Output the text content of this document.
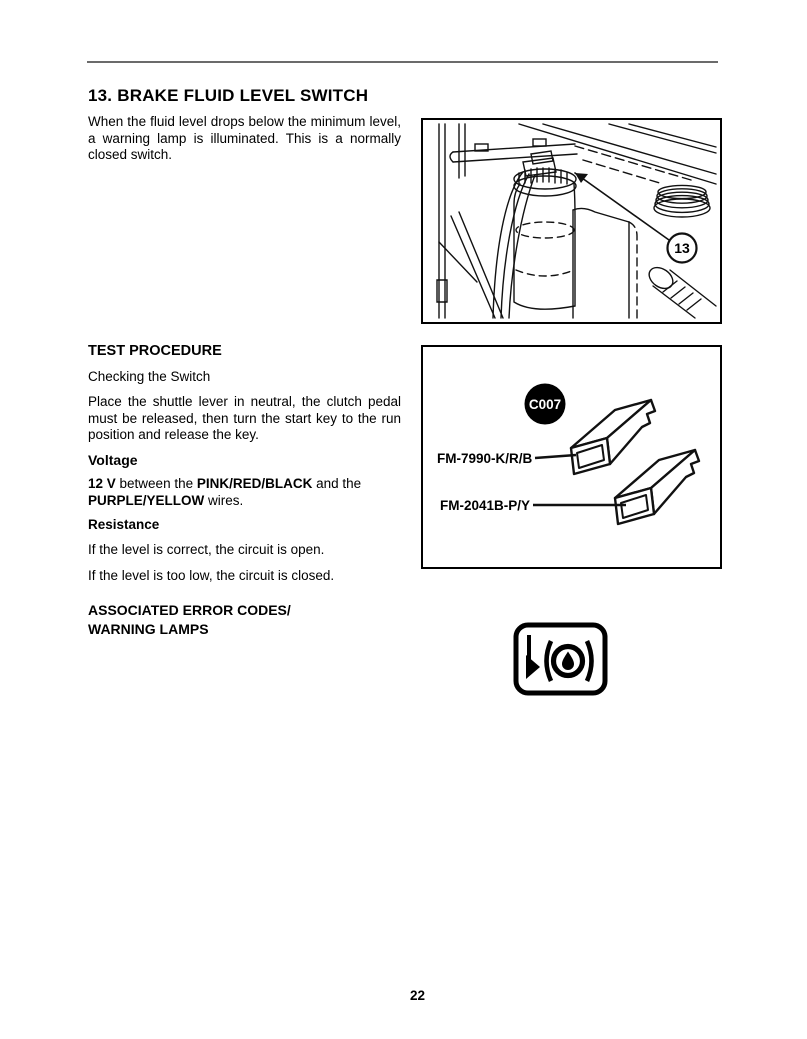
13. BRAKE FLUID LEVEL SWITCH
When the fluid level drops below the minimum level, a warning lamp is illuminated. This is a normally closed switch.
13
TEST PROCEDURE
Checking the Switch
Place the shuttle lever in neutral, the clutch pedal must be released, then turn the start key to the run position and release the key.
Voltage
12 V between the PINK/RED/BLACK and the PURPLE/YELLOW wires.
Resistance
If the level is correct, the circuit is open.
If the level is too low, the circuit is closed.
ASSOCIATED ERROR CODES/
WARNING LAMPS
C007
FM-7990-K/R/B
FM-2041B-P/Y
22
